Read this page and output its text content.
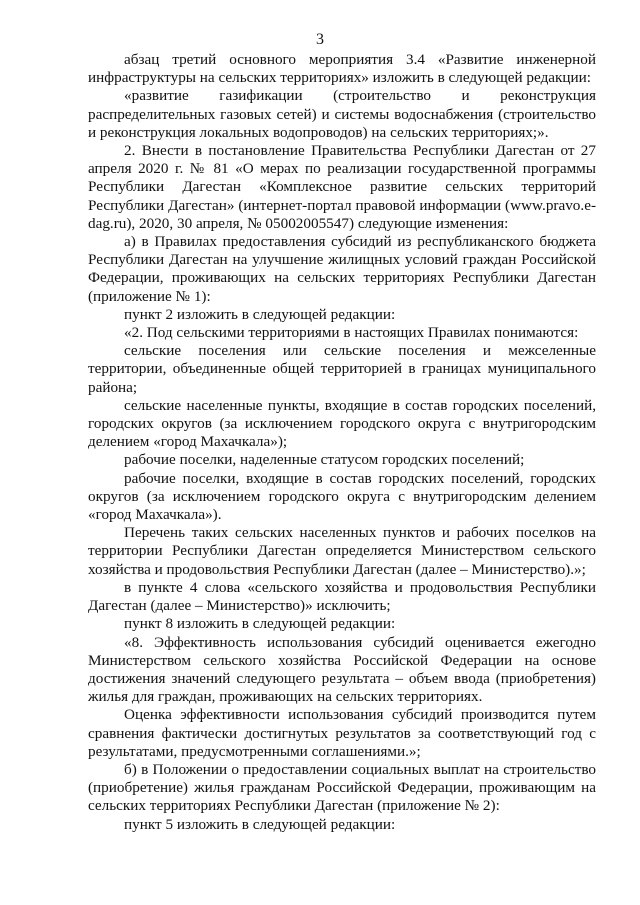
3

абзац третий основного мероприятия 3.4 «Развитие инженерной инфраструктуры на сельских территориях» изложить в следующей редакции:

«развитие газификации (строительство и реконструкция распределительных газовых сетей) и системы водоснабжения (строительство и реконструкция локальных водопроводов) на сельских территориях;».

2. Внести в постановление Правительства Республики Дагестан от 27 апреля 2020 г. № 81 «О мерах по реализации государственной программы Республики Дагестан «Комплексное развитие сельских территорий Республики Дагестан» (интернет-портал правовой информации (www.pravo.e-dag.ru), 2020, 30 апреля, № 05002005547) следующие изменения:

а) в Правилах предоставления субсидий из республиканского бюджета Республики Дагестан на улучшение жилищных условий граждан Российской Федерации, проживающих на сельских территориях Республики Дагестан (приложение № 1):

пункт 2 изложить в следующей редакции:

«2. Под сельскими территориями в настоящих Правилах понимаются:

сельские поселения или сельские поселения и межселенные территории, объединенные общей территорией в границах муниципального района;

сельские населенные пункты, входящие в состав городских поселений, городских округов (за исключением городского округа с внутригородским делением «город Махачкала»);

рабочие поселки, наделенные статусом городских поселений;

рабочие поселки, входящие в состав городских поселений, городских округов (за исключением городского округа с внутригородским делением «город Махачкала»).

Перечень таких сельских населенных пунктов и рабочих поселков на территории Республики Дагестан определяется Министерством сельского хозяйства и продовольствия Республики Дагестан (далее – Министерство).»;

в пункте 4 слова «сельского хозяйства и продовольствия Республики Дагестан (далее – Министерство)» исключить;

пункт 8 изложить в следующей редакции:

«8. Эффективность использования субсидий оценивается ежегодно Министерством сельского хозяйства Российской Федерации на основе достижения значений следующего результата – объем ввода (приобретения) жилья для граждан, проживающих на сельских территориях.

Оценка эффективности использования субсидий производится путем сравнения фактически достигнутых результатов за соответствующий год с результатами, предусмотренными соглашениями.»;

б) в Положении о предоставлении социальных выплат на строительство (приобретение) жилья гражданам Российской Федерации, проживающим на сельских территориях Республики Дагестан (приложение № 2):

пункт 5 изложить в следующей редакции:
